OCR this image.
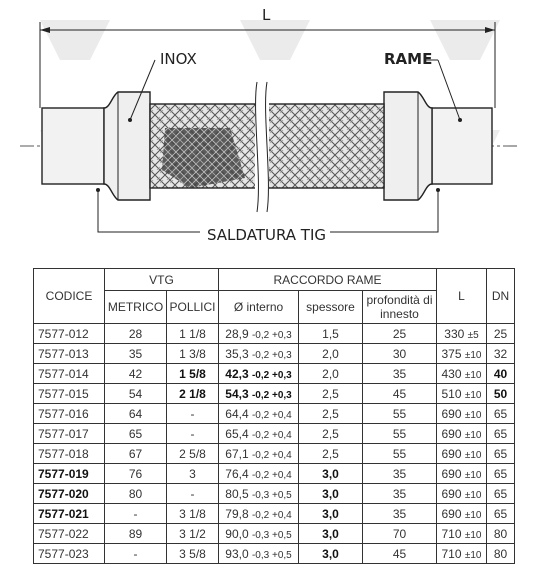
L
INOX	RAME
SALDATURA TIG
CODICE	VTG		RACCORDO RAME			L	DN
	METRICO	POLLICI	Ø interno	spessore	profondità di innesto		
7577-012	28	1 1/8	28,9 -0,2 +0,3	1,5	25	330 ±5	25
7577-013	35	1 3/8	35,3 -0,2 +0,3	2,0	30	375 ±10	32
7577-014	42	1 5/8	42,3 -0,2 +0,3	2,0	35	430 ±10	40
7577-015	54	2 1/8	54,3 -0,2 +0,3	2,5	45	510 ±10	50
7577-016	64	-	64,4 -0,2 +0,4	2,5	55	690 ±10	65
7577-017	65	-	65,4 -0,2 +0,4	2,5	55	690 ±10	65
7577-018	67	2 5/8	67,1 -0,2 +0,4	2,5	55	690 ±10	65
7577-019	76	3	76,4 -0,2 +0,4	3,0	35	690 ±10	65
7577-020	80	-	80,5 -0,3 +0,5	3,0	35	690 ±10	65
7577-021	-	3 1/8	79,8 -0,2 +0,4	3,0	35	690 ±10	65
7577-022	89	3 1/2	90,0 -0,3 +0,5	3,0	70	710 ±10	80
7577-023	-	3 5/8	93,0 -0,3 +0,5	3,0	45	710 ±10	80
